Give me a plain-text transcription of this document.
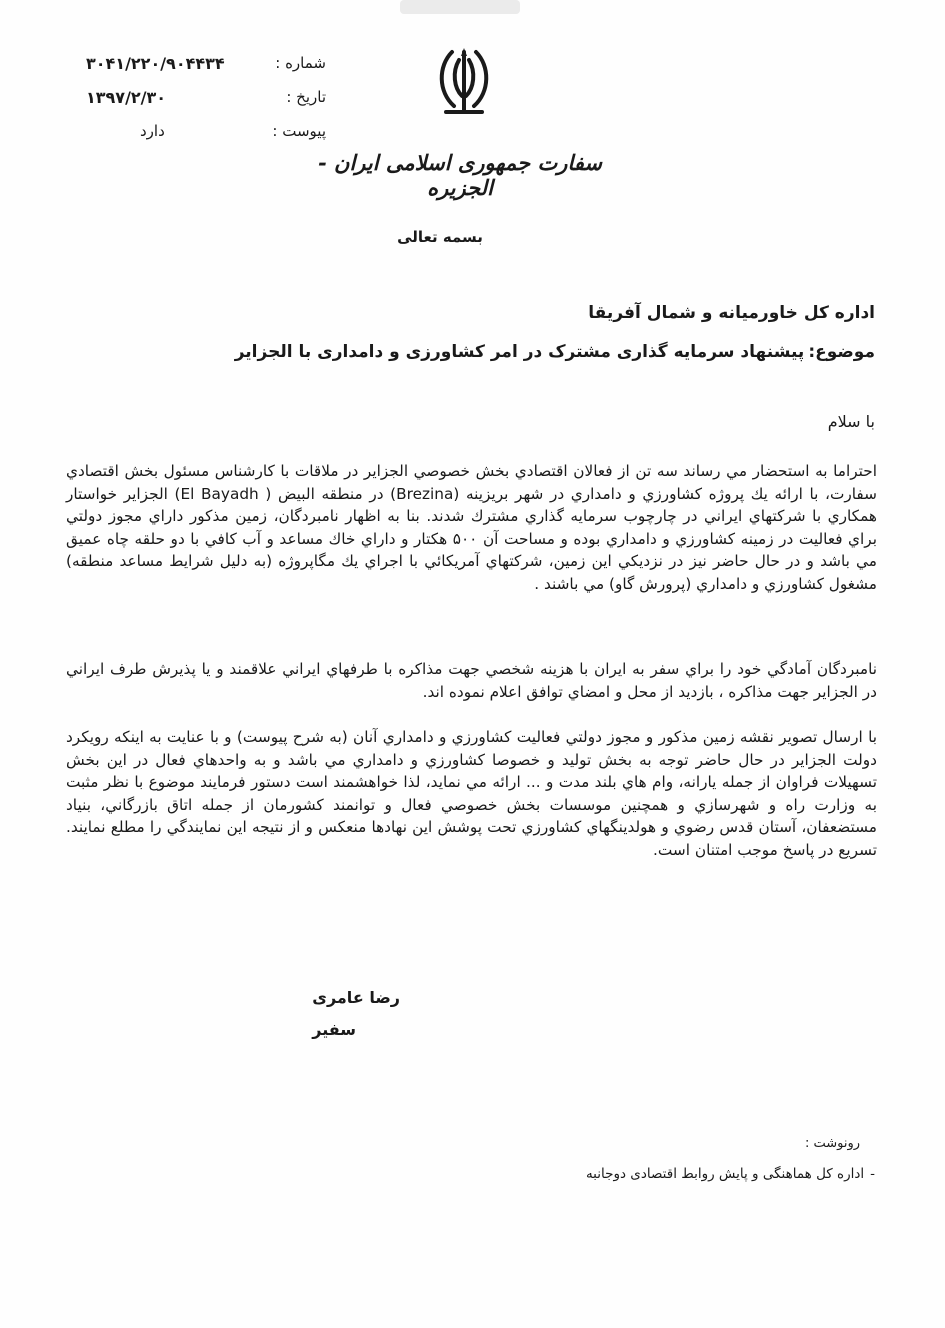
۳۰۴۱/۲۲۰/۹۰۴۴۳۴	شماره :
۱۳۹۷/۲/۳۰	تاریخ :
دارد	پیوست :
سفارت جمهوری اسلامی ایران - الجزیره
بسمه تعالی
اداره کل خاورمیانه و شمال آفریقا
موضوع:پیشنهاد سرمایه گذاری مشترک در امر کشاورزی و دامداری با الجزایر
با سلام
احتراما به استحضار مي رساند سه تن از فعالان اقتصادي بخش خصوصي الجزاير در ملاقات با كارشناس مسئول بخش اقتصادي سفارت، با ارائه يك پروژه كشاورزي و دامداري در شهر بريزينه (Brezina) در منطقه البيض ( El Bayadh) الجزاير خواستار همكاري با شركتهاي ايراني در چارچوب سرمايه گذاري مشترك شدند. بنا به اظهار نامبردگان، زمين مذكور داراي مجوز دولتي براي فعاليت در زمينه كشاورزي و دامداري بوده و مساحت آن ۵۰۰ هكتار و داراي خاك مساعد و آب كافي با دو حلقه چاه عميق مي باشد و در حال حاضر نيز در نزديكي اين زمين، شركتهاي آمريكائي با اجراي يك مگاپروژه (به دليل شرايط مساعد منطقه) مشغول كشاورزي و دامداري (پرورش گاو) مي باشند .
نامبردگان آمادگي خود را براي سفر به ايران با هزينه شخصي جهت مذاكره با طرفهاي ايراني علاقمند و يا پذيرش طرف ايراني در الجزاير جهت مذاكره ، بازديد از محل و امضاي توافق اعلام نموده اند.
با ارسال تصوير نقشه زمين مذكور و مجوز دولتي فعاليت كشاورزي و دامداري آنان (به شرح پيوست) و با عنايت به اينكه رويكرد دولت الجزاير در حال حاضر توجه به بخش توليد و خصوصا كشاورزي و دامداري مي باشد و به واحدهاي فعال در اين بخش تسهيلات فراوان از جمله يارانه، وام هاي بلند مدت و ... ارائه مي نمايد، لذا خواهشمند است دستور فرمايند موضوع با نظر مثبت به وزارت راه و شهرسازي و همچنين موسسات بخش خصوصي فعال و توانمند كشورمان از جمله اتاق بازرگاني، بنياد مستضعفان، آستان قدس رضوي و هولدينگهاي كشاورزي تحت پوشش اين نهادها منعكس و از نتيجه اين نمايندگي را مطلع نمايند. تسريع در پاسخ موجب امتنان است.
رضا عامری
سفیر
رونوشت :
-اداره کل هماهنگی و پایش روابط اقتصادی دوجانبه
